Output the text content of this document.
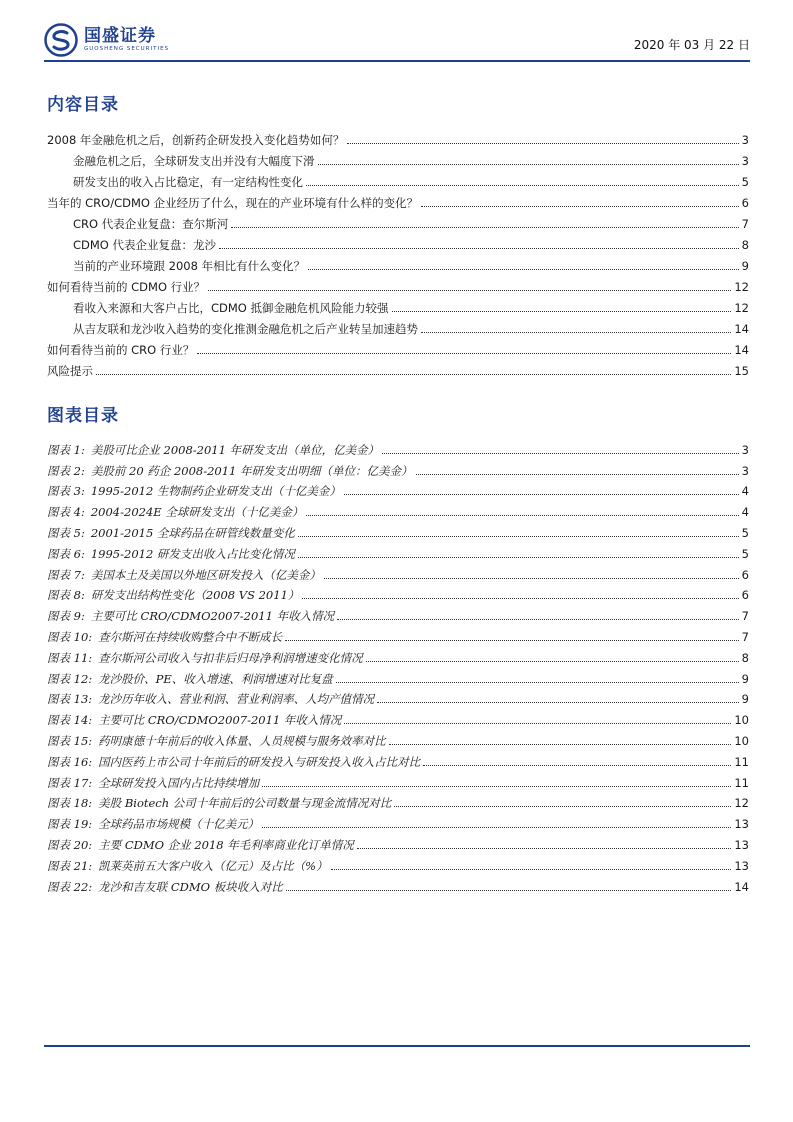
国盛证券
GUOSHENG SECURITIES	2020 年 03 月 22 日
内容目录
2008 年金融危机之后，创新药企研发投入变化趋势如何？	3
金融危机之后，全球研发支出并没有大幅度下滑	3
研发支出的收入占比稳定，有一定结构性变化	5
当年的 CRO/CDMO 企业经历了什么，现在的产业环境有什么样的变化？	6
CRO 代表企业复盘：查尔斯河	7
CDMO 代表企业复盘：龙沙	8
当前的产业环境跟 2008 年相比有什么变化？	9
如何看待当前的 CDMO 行业？	12
看收入来源和大客户占比，CDMO 抵御金融危机风险能力较强	12
从吉友联和龙沙收入趋势的变化推测金融危机之后产业转呈加速趋势	14
如何看待当前的 CRO 行业？	14
风险提示	15
图表目录
图表 1: 美股可比企业 2008-2011 年研发支出（单位，亿美金）	3
图表 2: 美股前 20 药企 2008-2011 年研发支出明细（单位：亿美金）	3
图表 3: 1995-2012 生物制药企业研发支出（十亿美金）	4
图表 4: 2004-2024E 全球研发支出（十亿美金）	4
图表 5: 2001-2015 全球药品在研管线数量变化	5
图表 6: 1995-2012 研发支出收入占比变化情况	5
图表 7: 美国本土及美国以外地区研发投入（亿美金）	6
图表 8: 研发支出结构性变化（2008 VS 2011）	6
图表 9: 主要可比 CRO/CDMO2007-2011 年收入情况	7
图表 10: 查尔斯河在持续收购整合中不断成长	7
图表 11: 查尔斯河公司收入与扣非后归母净利润增速变化情况	8
图表 12: 龙沙股价、PE、收入增速、利润增速对比复盘	9
图表 13: 龙沙历年收入、营业利润、营业利润率、人均产值情况	9
图表 14: 主要可比 CRO/CDMO2007-2011 年收入情况	10
图表 15: 药明康德十年前后的收入体量、人员规模与服务效率对比	10
图表 16: 国内医药上市公司十年前后的研发投入与研发投入收入占比对比	11
图表 17: 全球研发投入国内占比持续增加	11
图表 18: 美股 Biotech 公司十年前后的公司数量与现金流情况对比	12
图表 19: 全球药品市场规模（十亿美元）	13
图表 20: 主要 CDMO 企业 2018 年毛利率商业化订单情况	13
图表 21: 凯莱英前五大客户收入（亿元）及占比（%）	13
图表 22: 龙沙和吉友联 CDMO 板块收入对比	14
